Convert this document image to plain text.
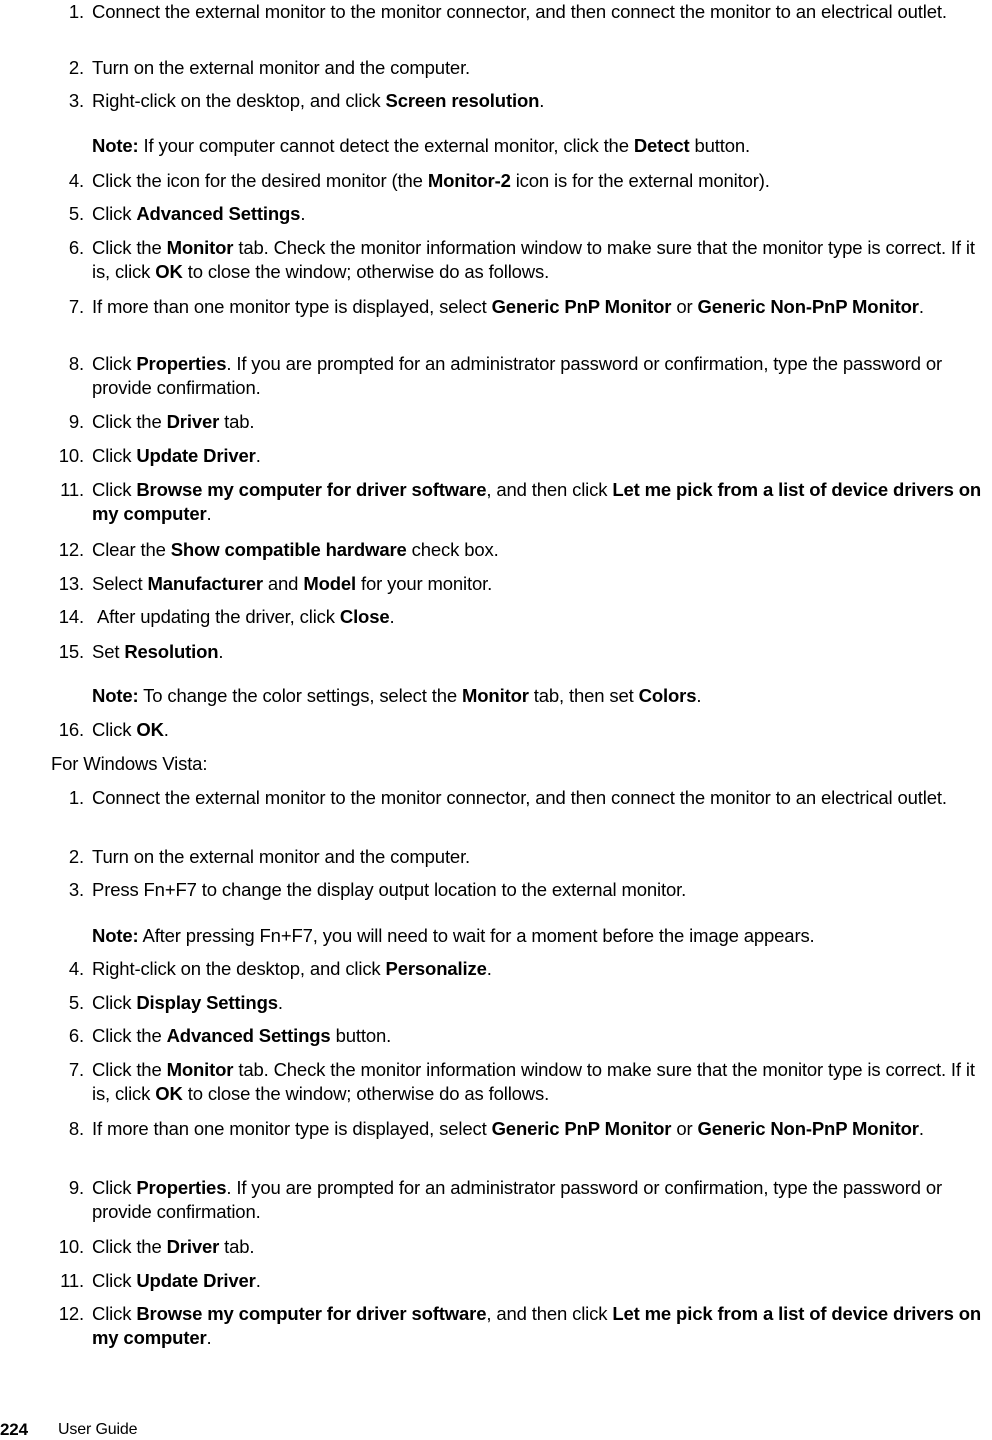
1. Connect the external monitor to the monitor connector, and then connect the monitor to an electrical outlet.
2. Turn on the external monitor and the computer.
3. Right-click on the desktop, and click Screen resolution.
Note: If your computer cannot detect the external monitor, click the Detect button.
4. Click the icon for the desired monitor (the Monitor-2 icon is for the external monitor).
5. Click Advanced Settings.
6. Click the Monitor tab. Check the monitor information window to make sure that the monitor type is correct. If it is, click OK to close the window; otherwise do as follows.
7. If more than one monitor type is displayed, select Generic PnP Monitor or Generic Non-PnP Monitor.
8. Click Properties. If you are prompted for an administrator password or confirmation, type the password or provide confirmation.
9. Click the Driver tab.
10. Click Update Driver.
11. Click Browse my computer for driver software, and then click Let me pick from a list of device drivers on my computer.
12. Clear the Show compatible hardware check box.
13. Select Manufacturer and Model for your monitor.
14. After updating the driver, click Close.
15. Set Resolution.
Note: To change the color settings, select the Monitor tab, then set Colors.
16. Click OK.
For Windows Vista:
1. Connect the external monitor to the monitor connector, and then connect the monitor to an electrical outlet.
2. Turn on the external monitor and the computer.
3. Press Fn+F7 to change the display output location to the external monitor.
Note: After pressing Fn+F7, you will need to wait for a moment before the image appears.
4. Right-click on the desktop, and click Personalize.
5. Click Display Settings.
6. Click the Advanced Settings button.
7. Click the Monitor tab. Check the monitor information window to make sure that the monitor type is correct. If it is, click OK to close the window; otherwise do as follows.
8. If more than one monitor type is displayed, select Generic PnP Monitor or Generic Non-PnP Monitor.
9. Click Properties. If you are prompted for an administrator password or confirmation, type the password or provide confirmation.
10. Click the Driver tab.
11. Click Update Driver.
12. Click Browse my computer for driver software, and then click Let me pick from a list of device drivers on my computer.
224 User Guide
